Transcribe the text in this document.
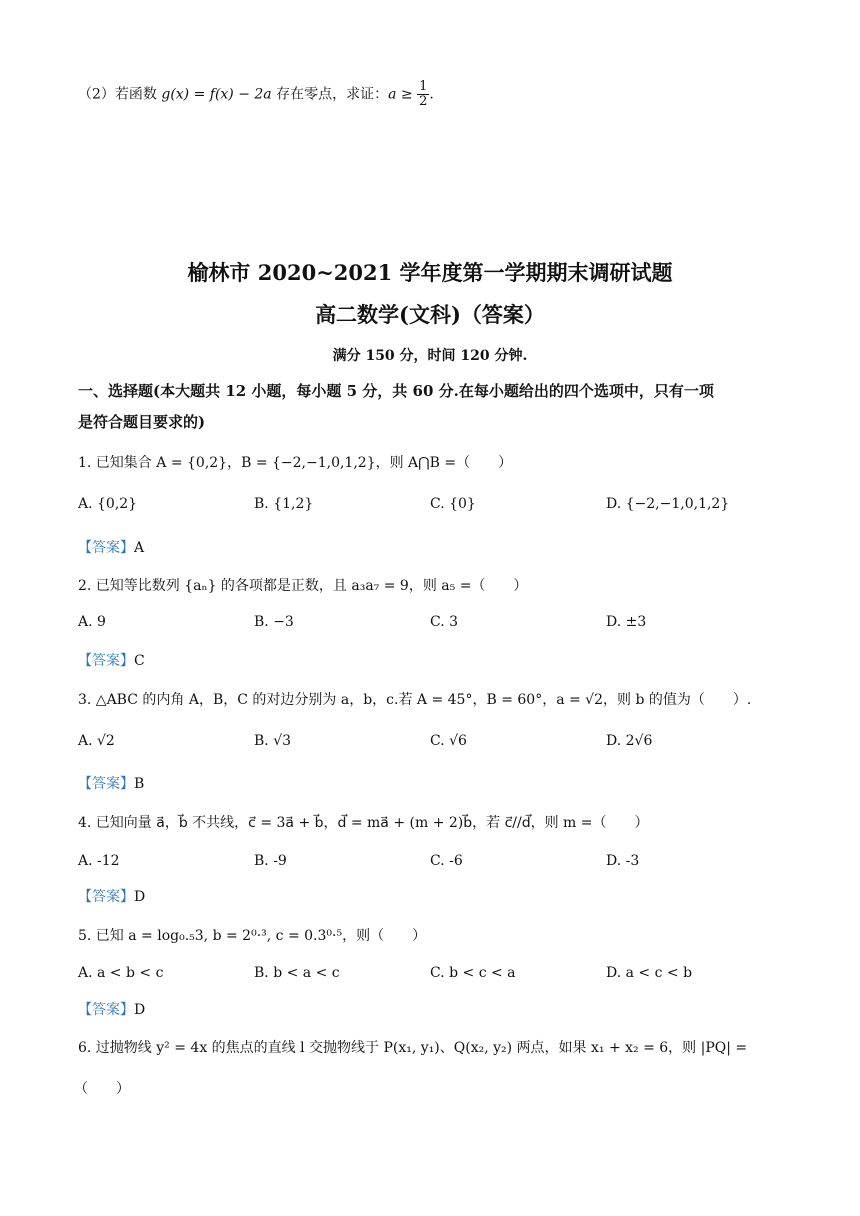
（2）若函数 g(x) = f(x) − 2a 存在零点，求证：$a \ge \frac{1}{2}$ .
榆林市 2020~2021 学年度第一学期期末调研试题
高二数学(文科)（答案）
满分 150 分，时间 120 分钟.
一、选择题(本大题共 12 小题，每小题 5 分，共 60 分.在每小题给出的四个选项中，只有一项
是符合题目要求的)
1. 已知集合 A = {0,2}，B = {−2,−1,0,1,2}，则 A⋂B =（　　）
A. {0,2}	B. {1,2}	C. {0}	D. {−2,−1,0,1,2}
【答案】A
2. 已知等比数列 {aₙ} 的各项都是正数，且 a₃a₇ = 9，则 a₅ =（　　）
A. 9	B. −3	C. 3	D. ±3
【答案】C
3. △ABC 的内角 A，B，C 的对边分别为 a，b，c.若 A = 45°，B = 60°，a = √2，则 b 的值为（　　）.
A. √2	B. √3	C. √6	D. 2√6
【答案】B
4. 已知向量 a⃗，b⃗ 不共线，c⃗ = 3a⃗ + b⃗，d⃗ = ma⃗ + (m + 2)b⃗，若 c⃗//d⃗，则 m =（　　）
A. -12	B. -9	C. -6	D. -3
【答案】D
5. 已知 a = log₀.₅3, b = 2⁰·³, c = 0.3⁰·⁵，则（　　）
A. a < b < c	B. b < a < c	C. b < c < a	D. a < c < b
【答案】D
6. 过抛物线 y² = 4x 的焦点的直线 l 交抛物线于 P(x₁, y₁)、Q(x₂, y₂) 两点，如果 x₁ + x₂ = 6，则 |PQ| =
（　　）
